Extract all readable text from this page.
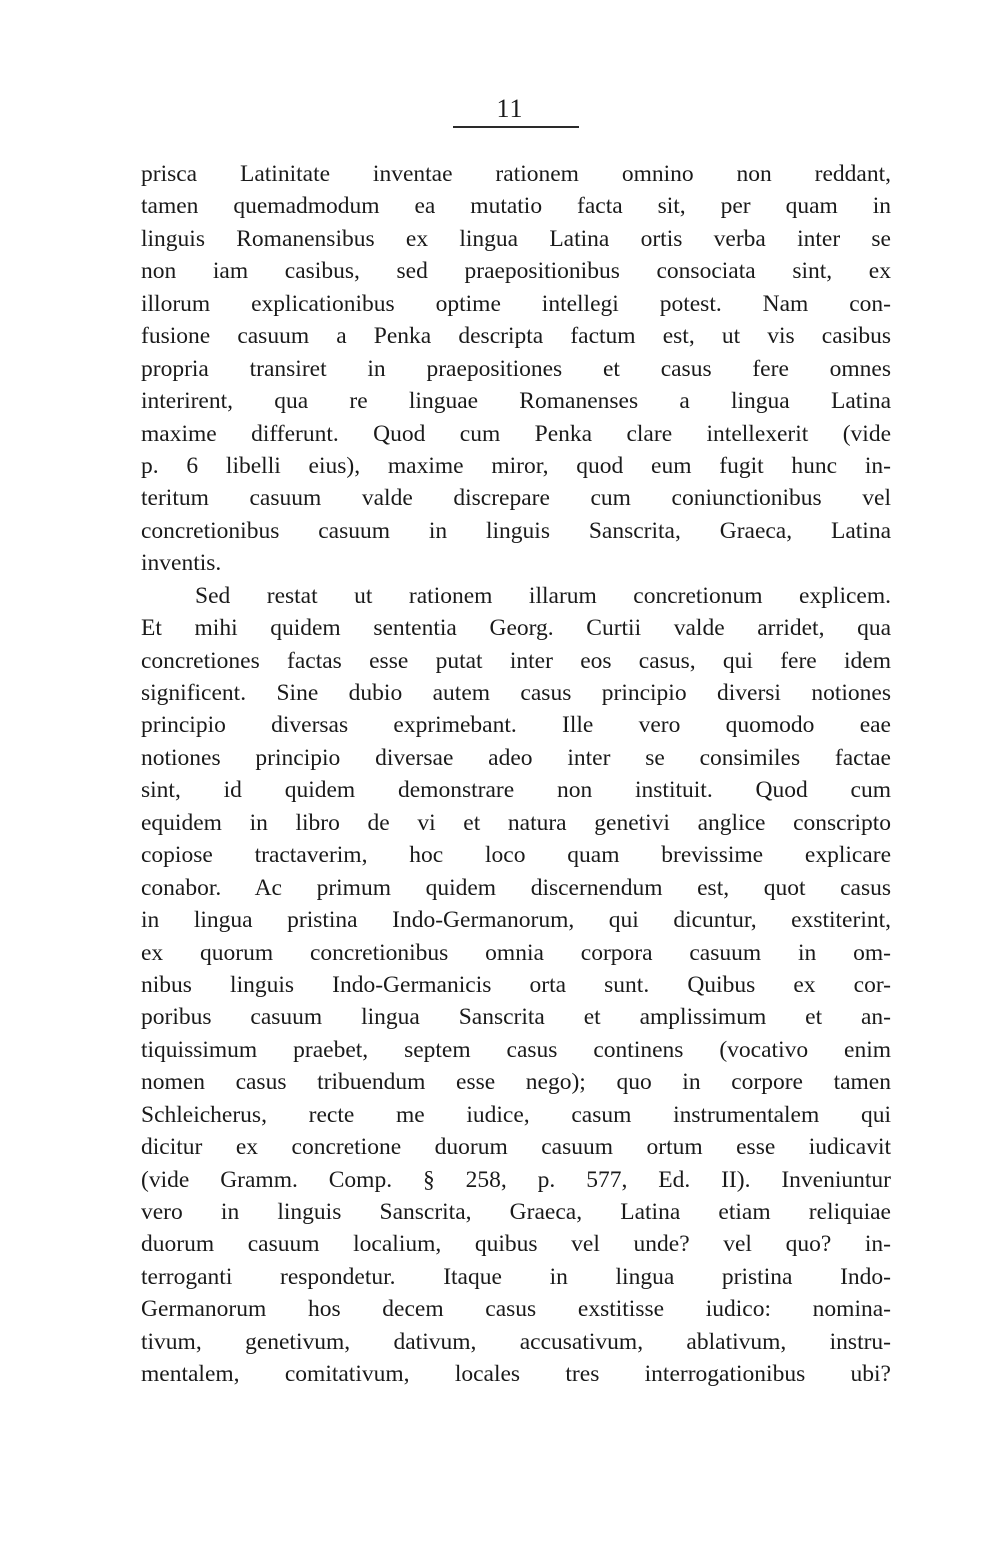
11
prisca Latinitate inventae rationem omnino non reddant,
tamen quemadmodum ea mutatio facta sit, per quam in
linguis Romanensibus ex lingua Latina ortis verba inter se
non iam casibus, sed praepositionibus consociata sint, ex
illorum explicationibus optime intellegi potest. Nam con-
fusione casuum a Penka descripta factum est, ut vis casibus
propria transiret in praepositiones et casus fere omnes
interirent, qua re linguae Romanenses a lingua Latina
maxime differunt. Quod cum Penka clare intellexerit (vide
p. 6 libelli eius), maxime miror, quod eum fugit hunc in-
teritum casuum valde discrepare cum coniunctionibus vel
concretionibus casuum in linguis Sanscrita, Graeca, Latina
inventis.
Sed restat ut rationem illarum concretionum explicem.
Et mihi quidem sententia Georg. Curtii valde arridet, qua
concretiones factas esse putat inter eos casus, qui fere idem
significent. Sine dubio autem casus principio diversi notiones
principio diversas exprimebant. Ille vero quomodo eae
notiones principio diversae adeo inter se consimiles factae
sint, id quidem demonstrare non instituit. Quod cum
equidem in libro de vi et natura genetivi anglice conscripto
copiose tractaverim, hoc loco quam brevissime explicare
conabor. Ac primum quidem discernendum est, quot casus
in lingua pristina Indo-Germanorum, qui dicuntur, exstiterint,
ex quorum concretionibus omnia corpora casuum in om-
nibus linguis Indo-Germanicis orta sunt. Quibus ex cor-
poribus casuum lingua Sanscrita et amplissimum et an-
tiquissimum praebet, septem casus continens (vocativo enim
nomen casus tribuendum esse nego); quo in corpore tamen
Schleicherus, recte me iudice, casum instrumentalem qui
dicitur ex concretione duorum casuum ortum esse iudicavit
(vide Gramm. Comp. § 258, p. 577, Ed. II). Inveniuntur
vero in linguis Sanscrita, Graeca, Latina etiam reliquiae
duorum casuum localium, quibus vel unde? vel quo? in-
terroganti respondetur. Itaque in lingua pristina Indo-
Germanorum hos decem casus exstitisse iudico: nomina-
tivum, genetivum, dativum, accusativum, ablativum, instru-
mentalem, comitativum, locales tres interrogationibus ubi?
